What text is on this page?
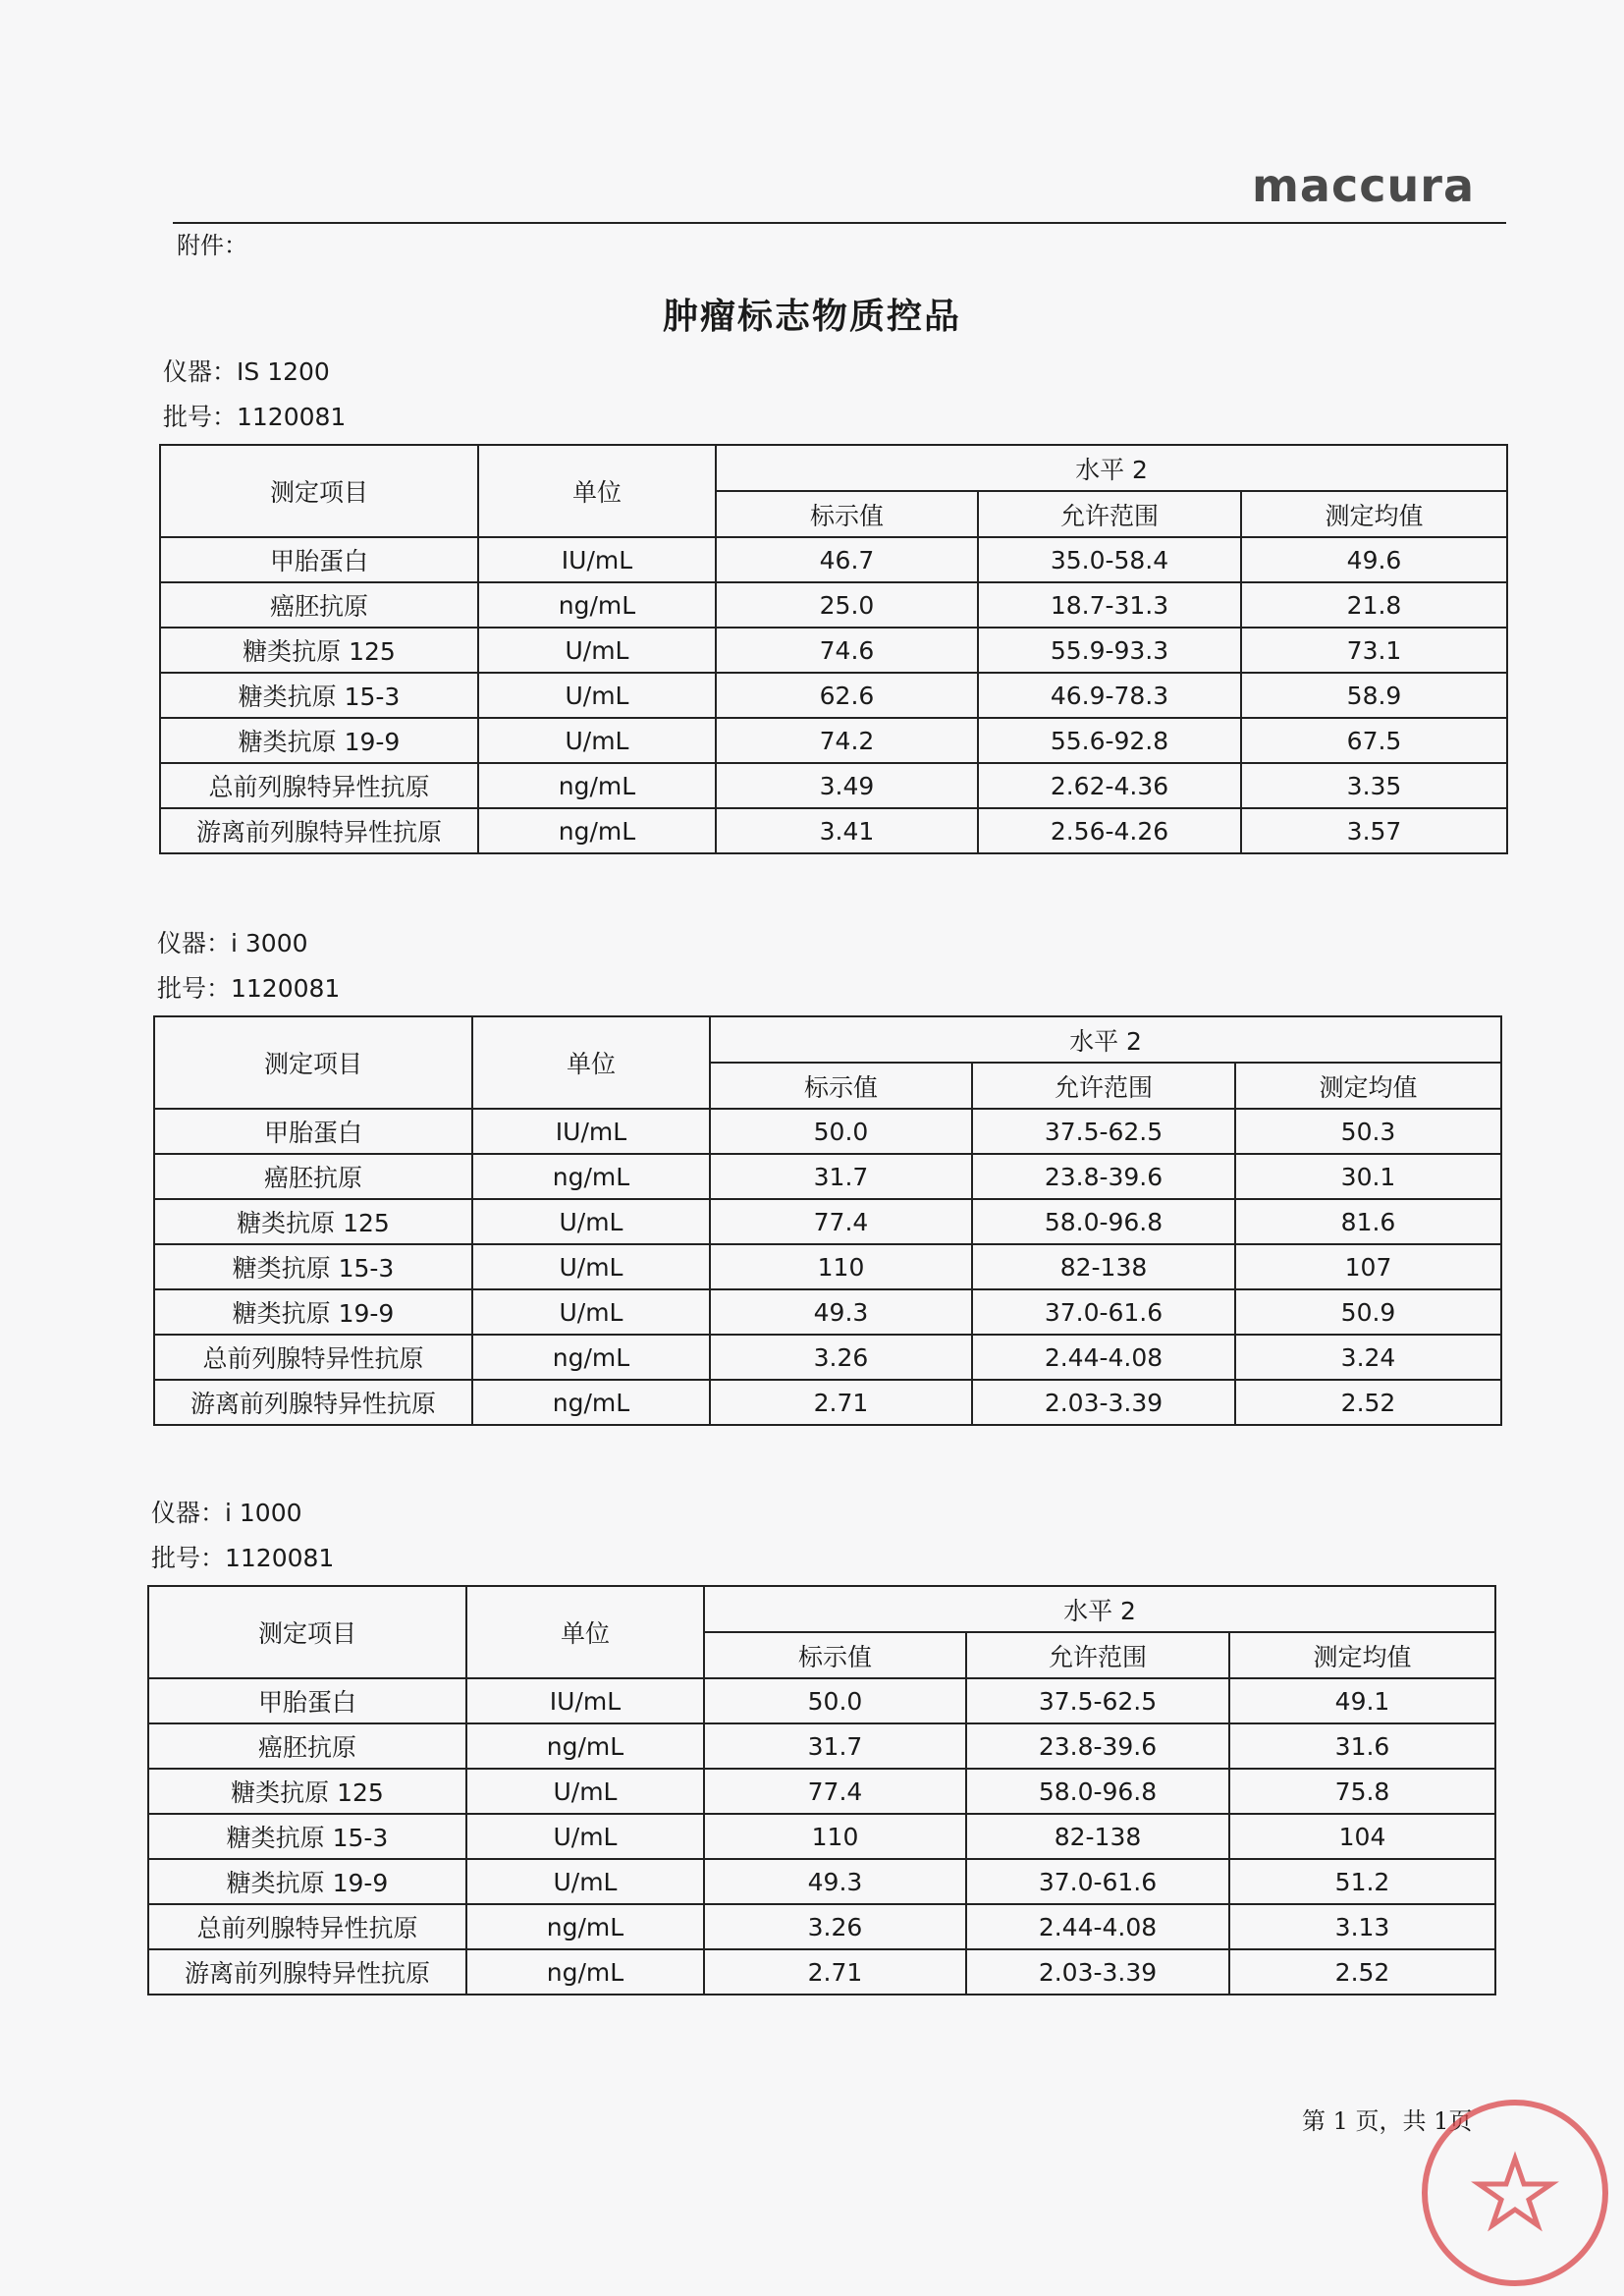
maccura
附件：
肿瘤标志物质控品
仪器：IS 1200
批号：1120081
测定项目	单位	水平 2		
		标示值	允许范围	测定均值
甲胎蛋白	IU/mL	46.7	35.0-58.4	49.6
癌胚抗原	ng/mL	25.0	18.7-31.3	21.8
糖类抗原 125	U/mL	74.6	55.9-93.3	73.1
糖类抗原 15-3	U/mL	62.6	46.9-78.3	58.9
糖类抗原 19-9	U/mL	74.2	55.6-92.8	67.5
总前列腺特异性抗原	ng/mL	3.49	2.62-4.36	3.35
游离前列腺特异性抗原	ng/mL	3.41	2.56-4.26	3.57
仪器：i 3000
批号：1120081
测定项目	单位	水平 2		
		标示值	允许范围	测定均值
甲胎蛋白	IU/mL	50.0	37.5-62.5	50.3
癌胚抗原	ng/mL	31.7	23.8-39.6	30.1
糖类抗原 125	U/mL	77.4	58.0-96.8	81.6
糖类抗原 15-3	U/mL	110	82-138	107
糖类抗原 19-9	U/mL	49.3	37.0-61.6	50.9
总前列腺特异性抗原	ng/mL	3.26	2.44-4.08	3.24
游离前列腺特异性抗原	ng/mL	2.71	2.03-3.39	2.52
仪器：i 1000
批号：1120081
测定项目	单位	水平 2		
		标示值	允许范围	测定均值
甲胎蛋白	IU/mL	50.0	37.5-62.5	49.1
癌胚抗原	ng/mL	31.7	23.8-39.6	31.6
糖类抗原 125	U/mL	77.4	58.0-96.8	75.8
糖类抗原 15-3	U/mL	110	82-138	104
糖类抗原 19-9	U/mL	49.3	37.0-61.6	51.2
总前列腺特异性抗原	ng/mL	3.26	2.44-4.08	3.13
游离前列腺特异性抗原	ng/mL	2.71	2.03-3.39	2.52
第 1 页，共 1页
